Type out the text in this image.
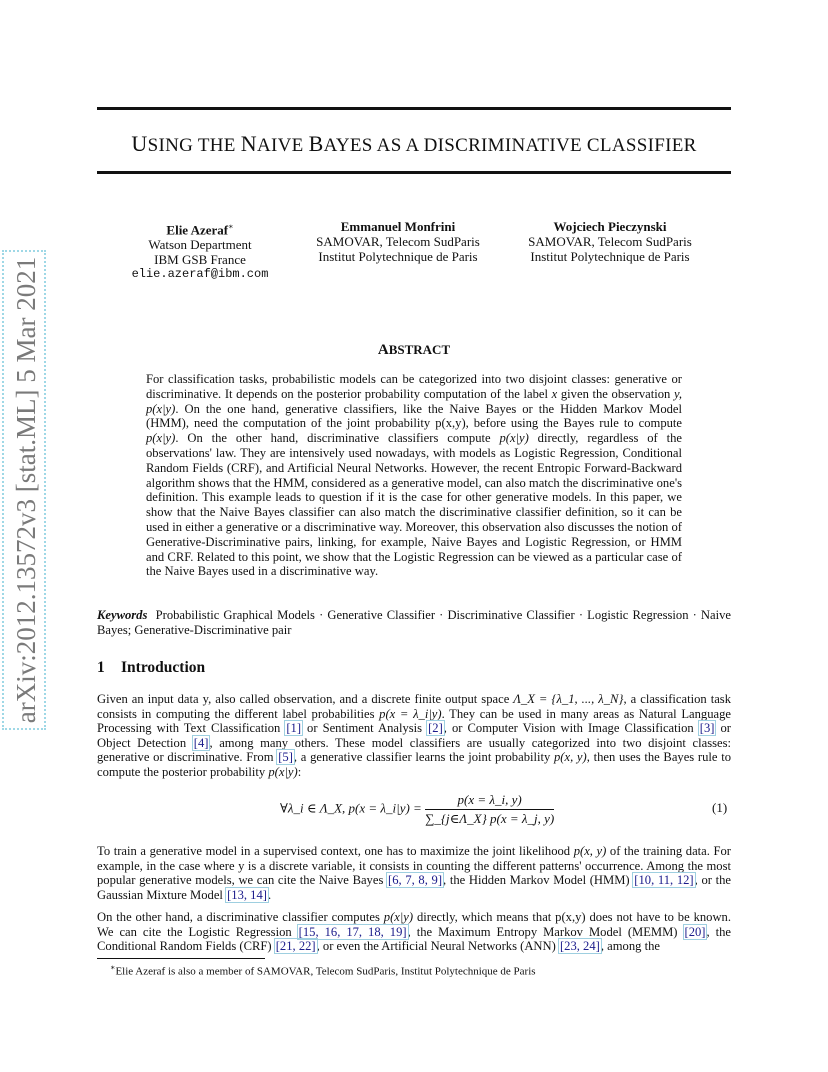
arXiv:2012.13572v3 [stat.ML] 5 Mar 2021
USING THE NAIVE BAYES AS A DISCRIMINATIVE CLASSIFIER
Elie Azeraf∗
Watson Department
IBM GSB France
elie.azeraf@ibm.com
Emmanuel Monfrini
SAMOVAR, Telecom SudParis
Institut Polytechnique de Paris
Wojciech Pieczynski
SAMOVAR, Telecom SudParis
Institut Polytechnique de Paris
ABSTRACT
For classification tasks, probabilistic models can be categorized into two disjoint classes: generative or discriminative. It depends on the posterior probability computation of the label x given the observation y, p(x|y). On the one hand, generative classifiers, like the Naive Bayes or the Hidden Markov Model (HMM), need the computation of the joint probability p(x,y), before using the Bayes rule to compute p(x|y). On the other hand, discriminative classifiers compute p(x|y) directly, regardless of the observations' law. They are intensively used nowadays, with models as Logistic Regression, Conditional Random Fields (CRF), and Artificial Neural Networks. However, the recent Entropic Forward-Backward algorithm shows that the HMM, considered as a generative model, can also match the discriminative one's definition. This example leads to question if it is the case for other generative models. In this paper, we show that the Naive Bayes classifier can also match the discriminative classifier definition, so it can be used in either a generative or a discriminative way. Moreover, this observation also discusses the notion of Generative-Discriminative pairs, linking, for example, Naive Bayes and Logistic Regression, or HMM and CRF. Related to this point, we show that the Logistic Regression can be viewed as a particular case of the Naive Bayes used in a discriminative way.
Keywords Probabilistic Graphical Models · Generative Classifier · Discriminative Classifier · Logistic Regression · Naive Bayes; Generative-Discriminative pair
1 Introduction
Given an input data y, also called observation, and a discrete finite output space Λ_X = {λ_1, ..., λ_N}, a classification task consists in computing the different label probabilities p(x = λ_i|y). They can be used in many areas as Natural Language Processing with Text Classification [1] or Sentiment Analysis [2], or Computer Vision with Image Classification [3] or Object Detection [4], among many others. These model classifiers are usually categorized into two disjoint classes: generative or discriminative. From [5], a generative classifier learns the joint probability p(x, y), then uses the Bayes rule to compute the posterior probability p(x|y):
∀λ_i ∈ Λ_X, p(x = λ_i|y) = $\frac{p(x = \lambda\_i, y)}{\sum\_\{j\in\Lambda\_X\} p(x = \lambda\_j, y)}$	(1)
To train a generative model in a supervised context, one has to maximize the joint likelihood p(x, y) of the training data. For example, in the case where y is a discrete variable, it consists in counting the different patterns' occurrence. Among the most popular generative models, we can cite the Naive Bayes [6, 7, 8, 9], the Hidden Markov Model (HMM) [10, 11, 12], or the Gaussian Mixture Model [13, 14].
On the other hand, a discriminative classifier computes p(x|y) directly, which means that p(x,y) does not have to be known. We can cite the Logistic Regression [15, 16, 17, 18, 19], the Maximum Entropy Markov Model (MEMM) [20], the Conditional Random Fields (CRF) [21, 22], or even the Artificial Neural Networks (ANN) [23, 24], among the
∗Elie Azeraf is also a member of SAMOVAR, Telecom SudParis, Institut Polytechnique de Paris
